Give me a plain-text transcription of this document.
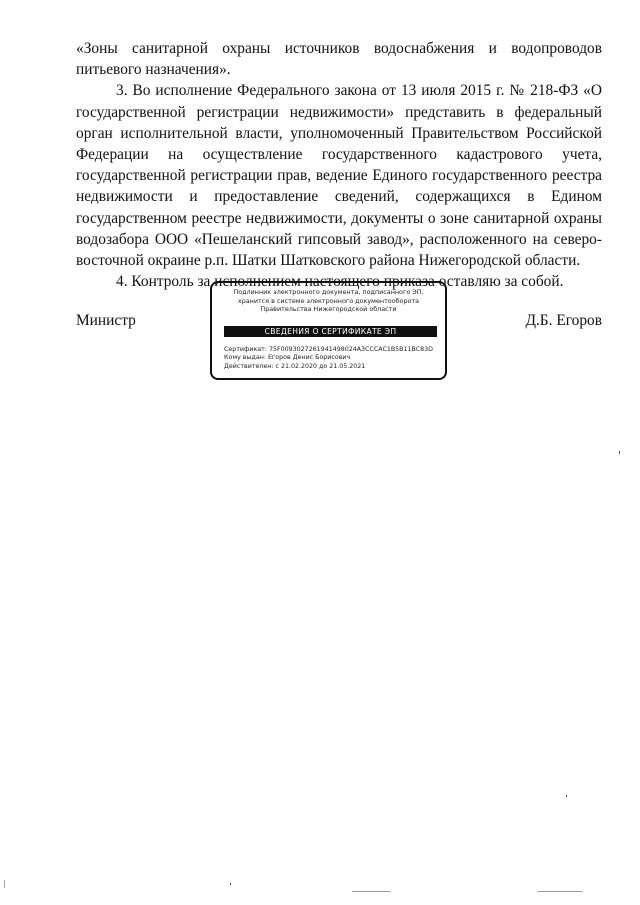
«Зоны санитарной охраны источников водоснабжения и водопроводов питьевого назначения».

3. Во исполнение Федерального закона от 13 июля 2015 г. № 218-ФЗ «О государственной регистрации недвижимости» представить в федеральный орган исполнительной власти, уполномоченный Правительством Российской Федерации на осуществление государственного кадастрового учета, государственной регистрации прав, ведение Единого государственного реестра недвижимости и предоставление сведений, содержащихся в Едином государственном реестре недвижимости, документы о зоне санитарной охраны водозабора ООО «Пешеланский гипсовый завод», расположенного на северо-восточной окраине р.п. Шатки Шатковского района Нижегородской области.

4. Контроль за исполнением настоящего приказа оставляю за собой.

Министр	Д.Б. Егоров
Подлинник электронного документа, подписанного ЭП,
хранится в системе электронного документооборота
Правительства Нижегородской области
СВЕДЕНИЯ О СЕРТИФИКАТЕ ЭП
Сертификат: 75F0093027261941498024A3CCCAC1B5B11BC83D
Кому выдан: Егоров Денис Борисович
Действителен: с 21.02.2020 до 21.05.2021
